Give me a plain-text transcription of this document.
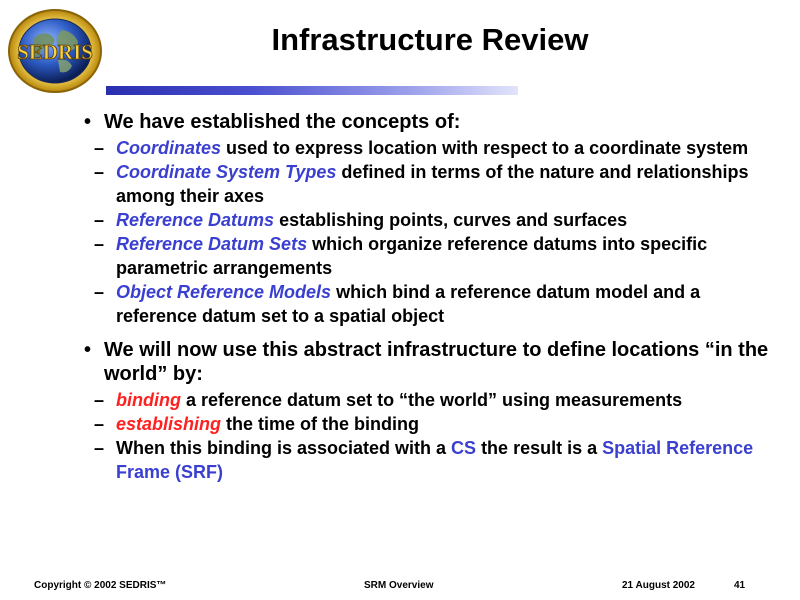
SEDRIS	Infrastructure Review
• We have established the concepts of:
– Coordinates used to express location with respect to a coordinate system
– Coordinate System Types defined in terms of the nature and relationships among their axes
– Reference Datums establishing points, curves and surfaces
– Reference Datum Sets which organize reference datums into specific parametric arrangements
– Object Reference Models which bind a reference datum model and a reference datum set to a spatial object
• We will now use this abstract infrastructure to define locations “in the world” by:
– binding a reference datum set to “the world” using measurements
– establishing the time of the binding
– When this binding is associated with a CS the result is a Spatial Reference Frame (SRF)
Copyright © 2002 SEDRIS™	SRM Overview	21 August 2002	41
